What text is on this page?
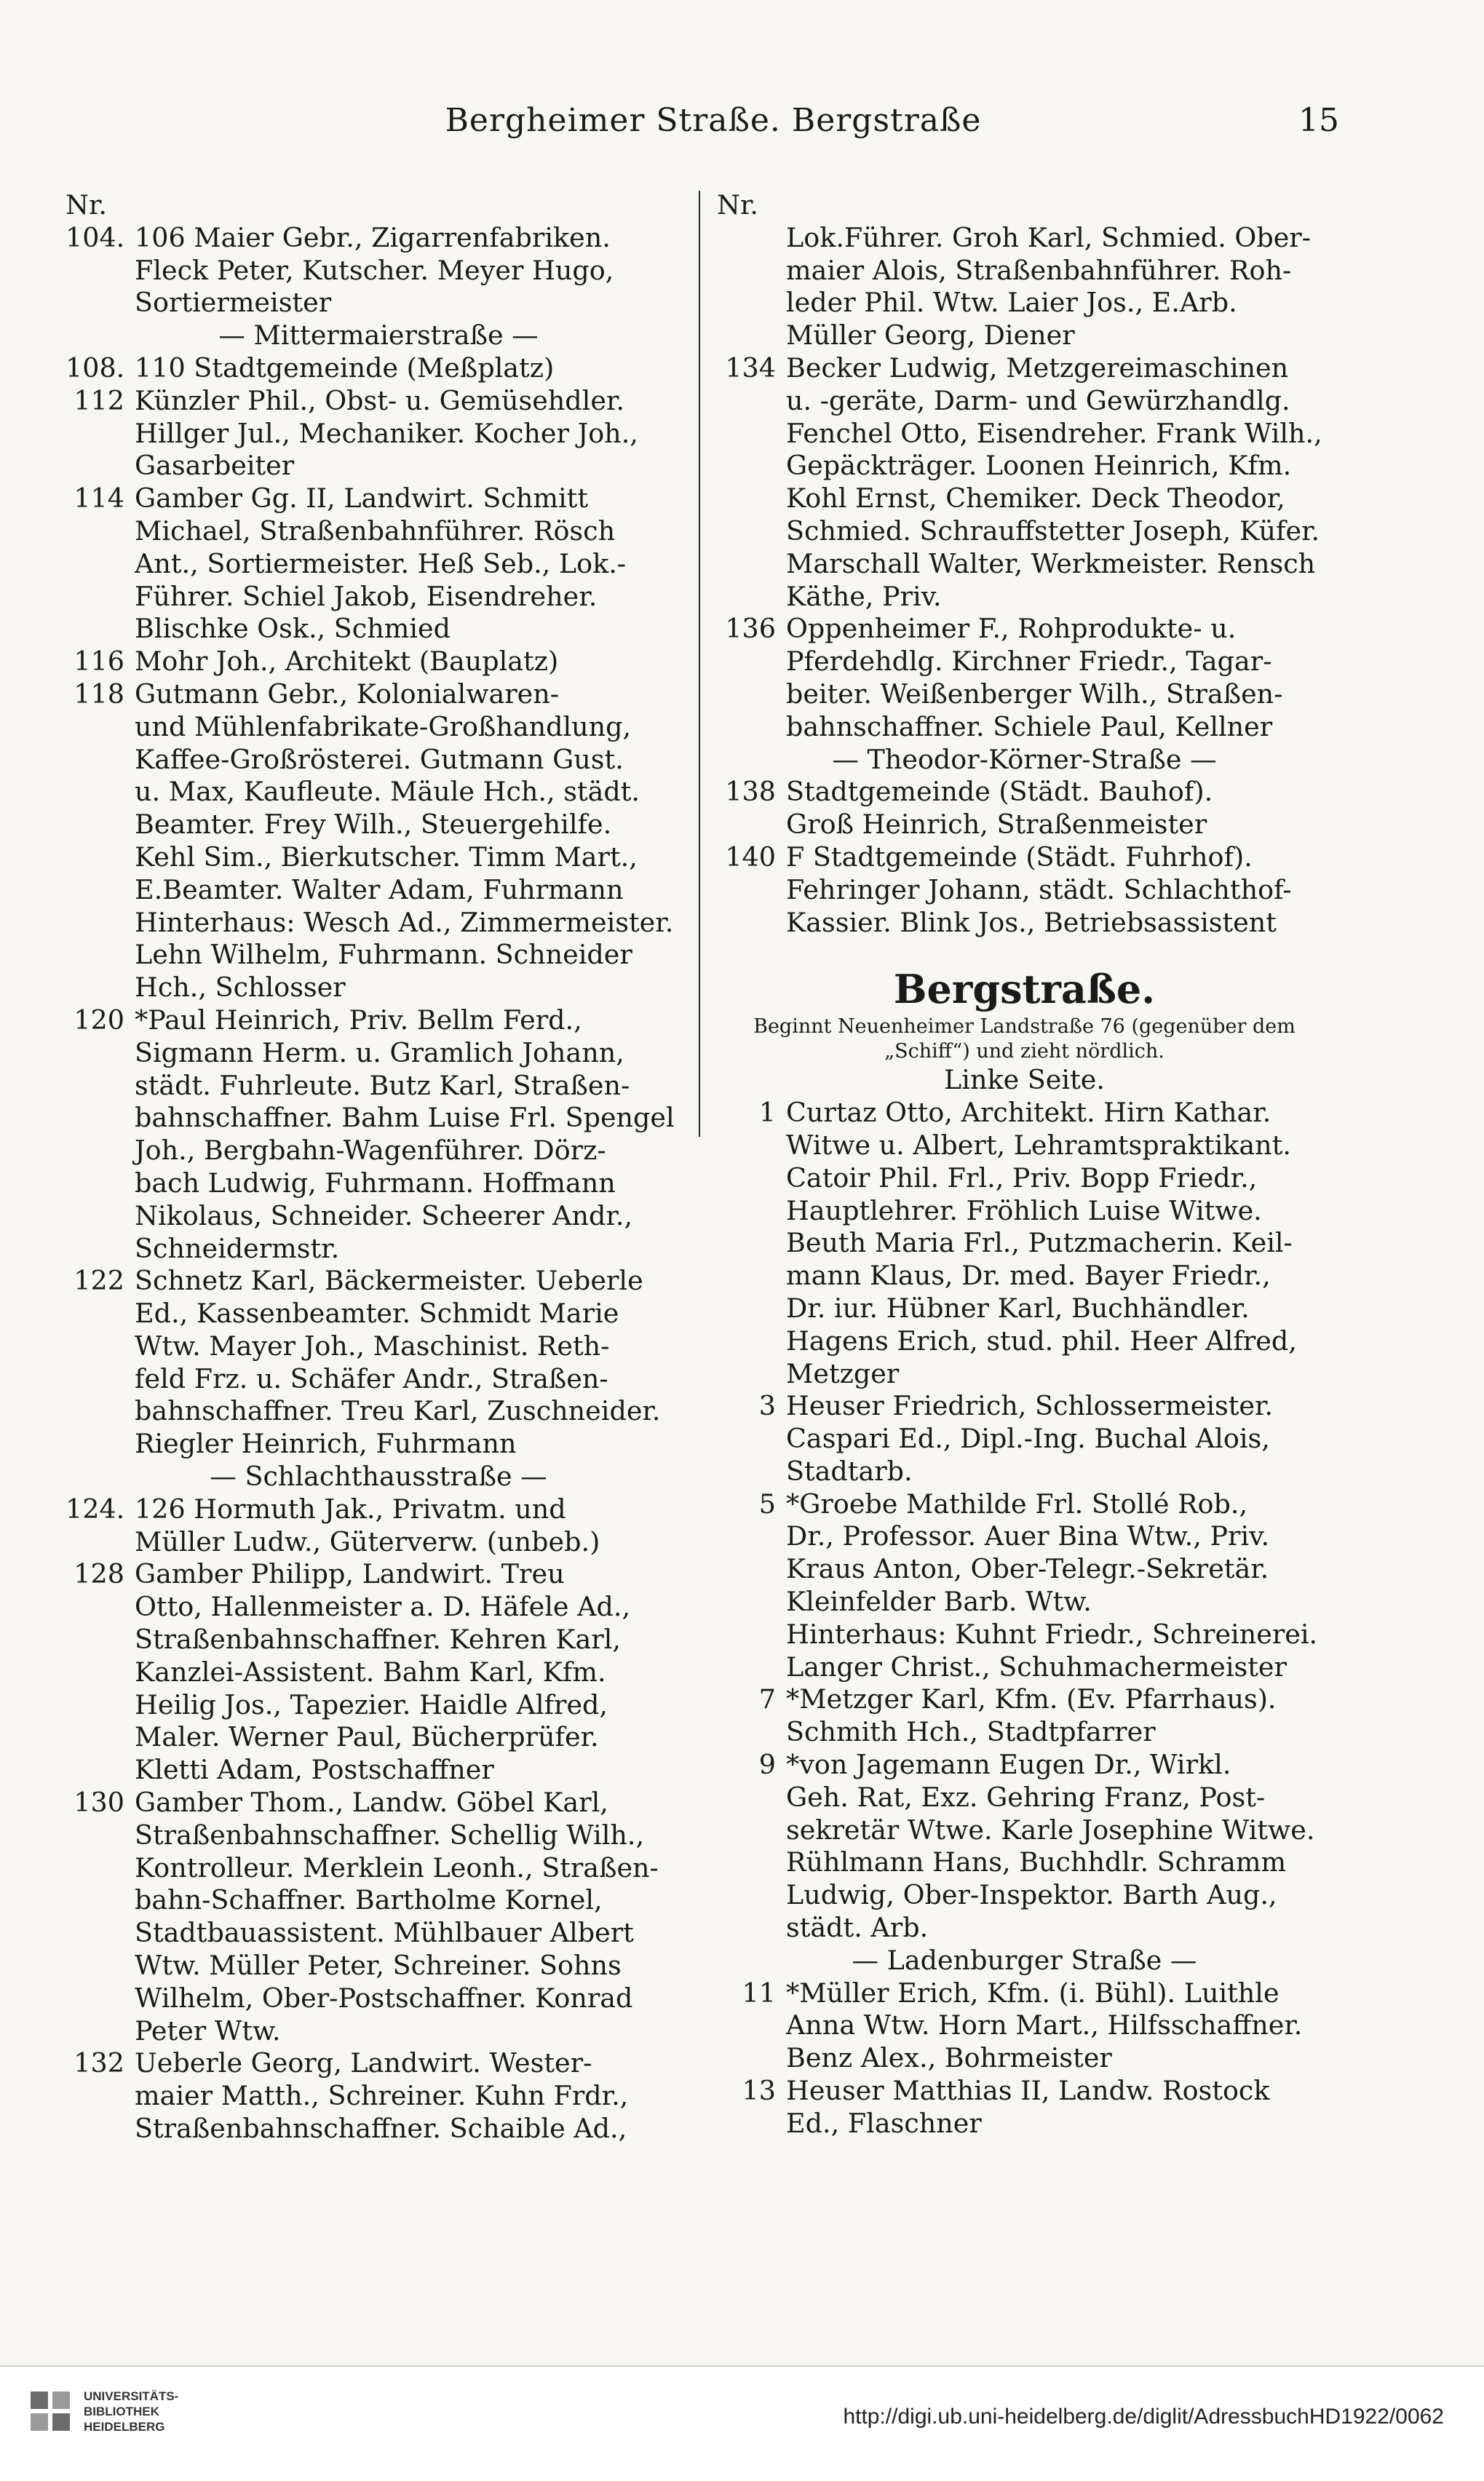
Bergheimer Straße. Bergstraße	15
Nr.
104. 106 Maier Gebr., Zigarrenfabriken.
Fleck Peter, Kutscher. Meyer Hugo,
Sortiermeister
— Mittermaierstraße —
108. 110 Stadtgemeinde (Meßplatz)
112 Künzler Phil., Obst- u. Gemüsehdler.
Hillger Jul., Mechaniker. Kocher Joh.,
Gasarbeiter
114 Gamber Gg. II, Landwirt. Schmitt
Michael, Straßenbahnführer. Rösch
Ant., Sortiermeister. Heß Seb., Lok.-
Führer. Schiel Jakob, Eisendreher.
Blischke Osk., Schmied
116 Mohr Joh., Architekt (Bauplatz)
118 Gutmann Gebr., Kolonialwaren-
und Mühlenfabrikate-Großhandlung,
Kaffee-Großrösterei. Gutmann Gust.
u. Max, Kaufleute. Mäule Hch., städt.
Beamter. Frey Wilh., Steuergehilfe.
Kehl Sim., Bierkutscher. Timm Mart.,
E.Beamter. Walter Adam, Fuhrmann
Hinterhaus: Wesch Ad., Zimmermeister.
Lehn Wilhelm, Fuhrmann. Schneider
Hch., Schlosser
120 *Paul Heinrich, Priv. Bellm Ferd.,
Sigmann Herm. u. Gramlich Johann,
städt. Fuhrleute. Butz Karl, Straßen-
bahnschaffner. Bahm Luise Frl. Spengel
Joh., Bergbahn-Wagenführer. Dörz-
bach Ludwig, Fuhrmann. Hoffmann
Nikolaus, Schneider. Scheerer Andr.,
Schneidermstr.
122 Schnetz Karl, Bäckermeister. Ueberle
Ed., Kassenbeamter. Schmidt Marie
Wtw. Mayer Joh., Maschinist. Reth-
feld Frz. u. Schäfer Andr., Straßen-
bahnschaffner. Treu Karl, Zuschneider.
Riegler Heinrich, Fuhrmann
— Schlachthausstraße —
124. 126 Hormuth Jak., Privatm. und
Müller Ludw., Güterverw. (unbeb.)
128 Gamber Philipp, Landwirt. Treu
Otto, Hallenmeister a. D. Häfele Ad.,
Straßenbahnschaffner. Kehren Karl,
Kanzlei-Assistent. Bahm Karl, Kfm.
Heilig Jos., Tapezier. Haidle Alfred,
Maler. Werner Paul, Bücherprüfer.
Kletti Adam, Postschaffner
130 Gamber Thom., Landw. Göbel Karl,
Straßenbahnschaffner. Schellig Wilh.,
Kontrolleur. Merklein Leonh., Straßen-
bahn-Schaffner. Bartholme Kornel,
Stadtbauassistent. Mühlbauer Albert
Wtw. Müller Peter, Schreiner. Sohns
Wilhelm, Ober-Postschaffner. Konrad
Peter Wtw.
132 Ueberle Georg, Landwirt. Wester-
maier Matth., Schreiner. Kuhn Frdr.,
Straßenbahnschaffner. Schaible Ad.,
Nr.
Lok.Führer. Groh Karl, Schmied. Ober-
maier Alois, Straßenbahnführer. Roh-
leder Phil. Wtw. Laier Jos., E.Arb.
Müller Georg, Diener
134 Becker Ludwig, Metzgereimaschinen
u. -geräte, Darm- und Gewürzhandlg.
Fenchel Otto, Eisendreher. Frank Wilh.,
Gepäckträger. Loonen Heinrich, Kfm.
Kohl Ernst, Chemiker. Deck Theodor,
Schmied. Schrauffstetter Joseph, Küfer.
Marschall Walter, Werkmeister. Rensch
Käthe, Priv.
136 Oppenheimer F., Rohprodukte- u.
Pferdehdlg. Kirchner Friedr., Tagar-
beiter. Weißenberger Wilh., Straßen-
bahnschaffner. Schiele Paul, Kellner
— Theodor-Körner-Straße —
138 Stadtgemeinde (Städt. Bauhof).
Groß Heinrich, Straßenmeister
140 F Stadtgemeinde (Städt. Fuhrhof).
Fehringer Johann, städt. Schlachthof-
Kassier. Blink Jos., Betriebsassistent
Bergstraße.
Beginnt Neuenheimer Landstraße 76 (gegenüber dem
„Schiff“) und zieht nördlich.
Linke Seite.
1 Curtaz Otto, Architekt. Hirn Kathar.
Witwe u. Albert, Lehramtspraktikant.
Catoir Phil. Frl., Priv. Bopp Friedr.,
Hauptlehrer. Fröhlich Luise Witwe.
Beuth Maria Frl., Putzmacherin. Keil-
mann Klaus, Dr. med. Bayer Friedr.,
Dr. iur. Hübner Karl, Buchhändler.
Hagens Erich, stud. phil. Heer Alfred,
Metzger
3 Heuser Friedrich, Schlossermeister.
Caspari Ed., Dipl.-Ing. Buchal Alois,
Stadtarb.
5 *Groebe Mathilde Frl. Stollé Rob.,
Dr., Professor. Auer Bina Wtw., Priv.
Kraus Anton, Ober-Telegr.-Sekretär.
Kleinfelder Barb. Wtw.
Hinterhaus: Kuhnt Friedr., Schreinerei.
Langer Christ., Schuhmachermeister
7 *Metzger Karl, Kfm. (Ev. Pfarrhaus).
Schmith Hch., Stadtpfarrer
9 *von Jagemann Eugen Dr., Wirkl.
Geh. Rat, Exz. Gehring Franz, Post-
sekretär Wtwe. Karle Josephine Witwe.
Rühlmann Hans, Buchhdlr. Schramm
Ludwig, Ober-Inspektor. Barth Aug.,
städt. Arb.
— Ladenburger Straße —
11 *Müller Erich, Kfm. (i. Bühl). Luithle
Anna Wtw. Horn Mart., Hilfsschaffner.
Benz Alex., Bohrmeister
13 Heuser Matthias II, Landw. Rostock
Ed., Flaschner
UNIVERSITÄTS-
BIBLIOTHEK
HEIDELBERG	http://digi.ub.uni-heidelberg.de/diglit/AdressbuchHD1922/0062
